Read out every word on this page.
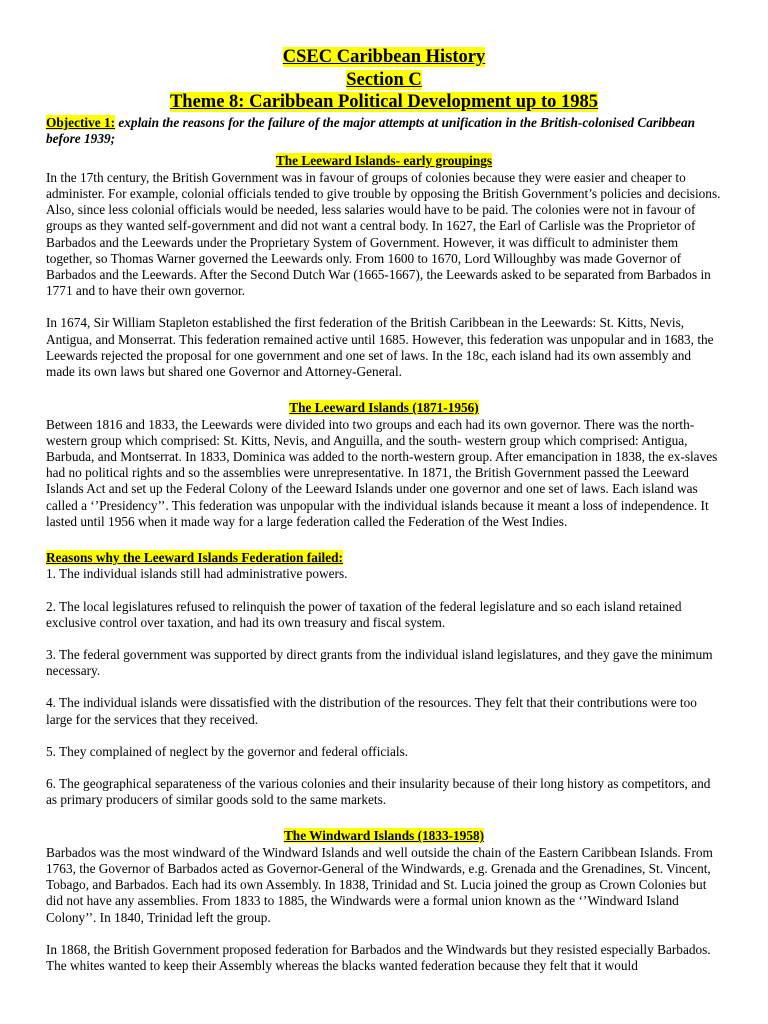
CSEC Caribbean History
Section C
Theme 8: Caribbean Political Development up to 1985
Objective 1: explain the reasons for the failure of the major attempts at unification in the British-colonised Caribbean before 1939;
The Leeward Islands- early groupings

In the 17th century, the British Government was in favour of groups of colonies because they were easier and cheaper to administer. For example, colonial officials tended to give trouble by opposing the British Government’s policies and decisions. Also, since less colonial officials would be needed, less salaries would have to be paid. The colonies were not in favour of groups as they wanted self-government and did not want a central body. In 1627, the Earl of Carlisle was the Proprietor of Barbados and the Leewards under the Proprietary System of Government. However, it was difficult to administer them together, so Thomas Warner governed the Leewards only. From 1600 to 1670, Lord Willoughby was made Governor of Barbados and the Leewards. After the Second Dutch War (1665-1667), the Leewards asked to be separated from Barbados in 1771 and to have their own governor.

In 1674, Sir William Stapleton established the first federation of the British Caribbean in the Leewards: St. Kitts, Nevis, Antigua, and Monserrat. This federation remained active until 1685. However, this federation was unpopular and in 1683, the Leewards rejected the proposal for one government and one set of laws. In the 18c, each island had its own assembly and made its own laws but shared one Governor and Attorney-General.

The Leeward Islands (1871-1956)

Between 1816 and 1833, the Leewards were divided into two groups and each had its own governor. There was the north-western group which comprised: St. Kitts, Nevis, and Anguilla, and the south- western group which comprised: Antigua, Barbuda, and Montserrat. In 1833, Dominica was added to the north-western group. After emancipation in 1838, the ex-slaves had no political rights and so the assemblies were unrepresentative. In 1871, the British Government passed the Leeward Islands Act and set up the Federal Colony of the Leeward Islands under one governor and one set of laws. Each island was called a ‘’Presidency’’. This federation was unpopular with the individual islands because it meant a loss of independence. It lasted until 1956 when it made way for a large federation called the Federation of the West Indies.

Reasons why the Leeward Islands Federation failed:

1. The individual islands still had administrative powers.

2. The local legislatures refused to relinquish the power of taxation of the federal legislature and so each island retained exclusive control over taxation, and had its own treasury and fiscal system.

3. The federal government was supported by direct grants from the individual island legislatures, and they gave the minimum necessary.

4. The individual islands were dissatisfied with the distribution of the resources. They felt that their contributions were too large for the services that they received.

5. They complained of neglect by the governor and federal officials.

6. The geographical separateness of the various colonies and their insularity because of their long history as competitors, and as primary producers of similar goods sold to the same markets.

The Windward Islands (1833-1958)

Barbados was the most windward of the Windward Islands and well outside the chain of the Eastern Caribbean Islands. From 1763, the Governor of Barbados acted as Governor-General of the Windwards, e.g. Grenada and the Grenadines, St. Vincent, Tobago, and Barbados. Each had its own Assembly. In 1838, Trinidad and St. Lucia joined the group as Crown Colonies but did not have any assemblies. From 1833 to 1885, the Windwards were a formal union known as the ‘’Windward Island Colony’’. In 1840, Trinidad left the group.

In 1868, the British Government proposed federation for Barbados and the Windwards but they resisted especially Barbados. The whites wanted to keep their Assembly whereas the blacks wanted federation because they felt that it would
